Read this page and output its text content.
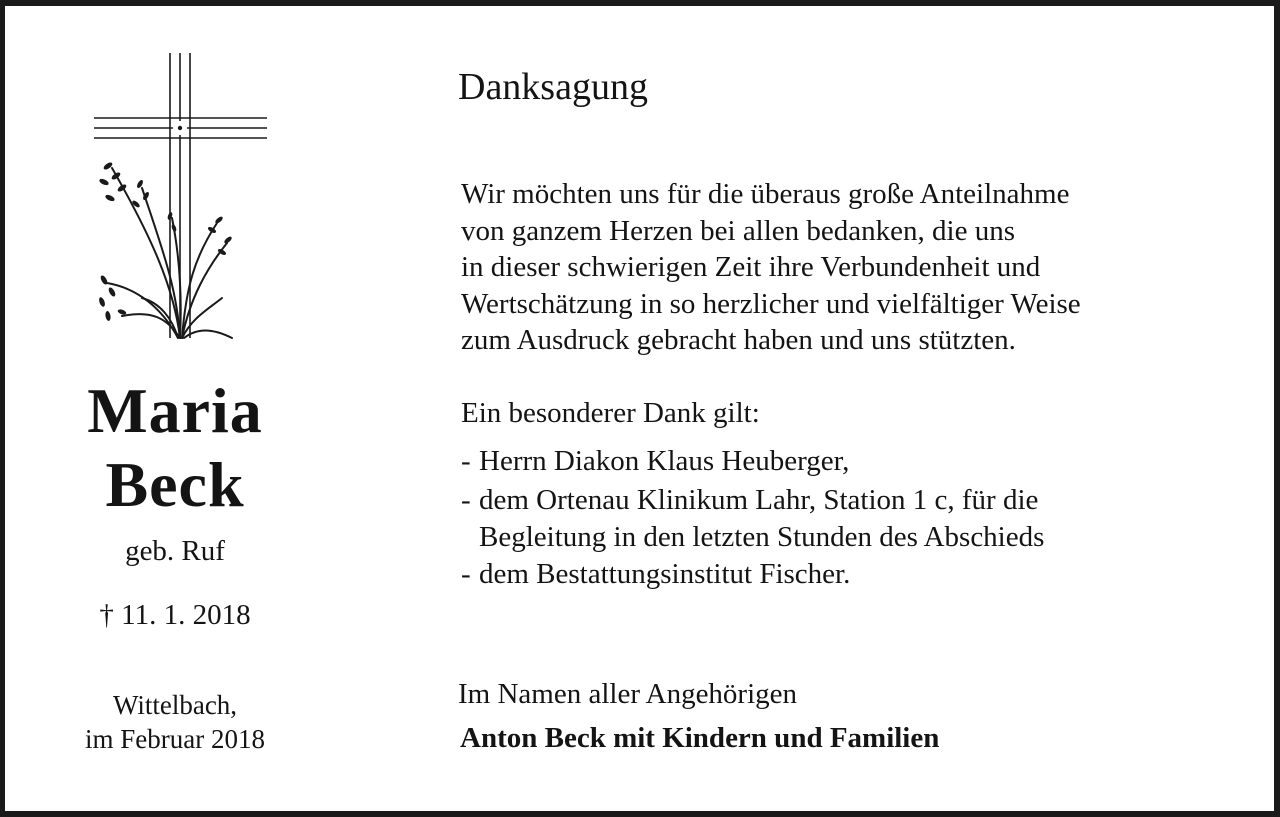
Maria
Beck
geb. Ruf
† 11. 1. 2018
Wittelbach,
im Februar 2018
Danksagung
Wir möchten uns für die überaus große Anteilnahme
von ganzem Herzen bei allen bedanken, die uns
in dieser schwierigen Zeit ihre Verbundenheit und
Wertschätzung in so herzlicher und vielfältiger Weise
zum Ausdruck gebracht haben und uns stützten.
Ein besonderer Dank gilt:
- Herrn Diakon Klaus Heuberger,
- dem Ortenau Klinikum Lahr, Station 1 c, für die
Begleitung in den letzten Stunden des Abschieds
- dem Bestattungsinstitut Fischer.
Im Namen aller Angehörigen
Anton Beck mit Kindern und Familien
